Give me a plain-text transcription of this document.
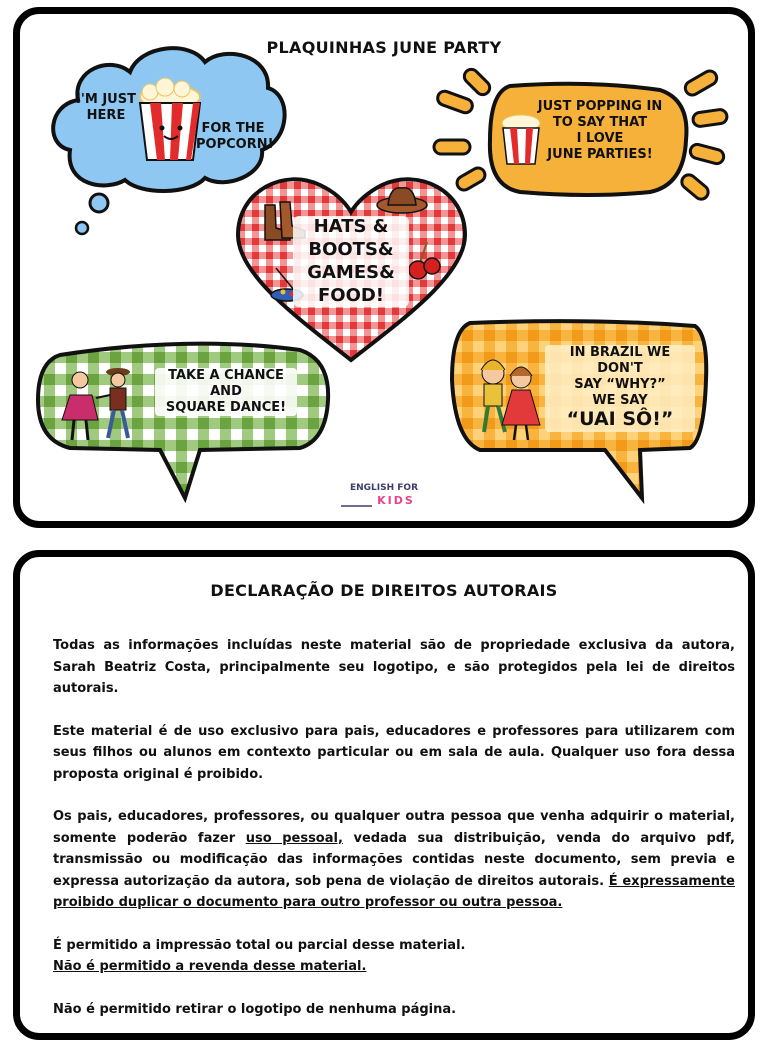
PLAQUINHAS JUNE PARTY
I'M JUST
HERE
FOR THE
POPCORN!
JUST POPPING IN
TO SAY THAT
I LOVE
JUNE PARTIES!
HATS &
BOOTS&
GAMES&
FOOD!
TAKE A CHANCE
AND
SQUARE DANCE!
IN BRAZIL WE DON'T
SAY “WHY?”
WE SAY
“UAI SÔ!”
ENGLISH FOR
KIDS
DECLARAÇÃO DE DIREITOS AUTORAIS

Todas as informações incluídas neste material são de propriedade exclusiva da autora, Sarah Beatriz Costa, principalmente seu logotipo, e são protegidos pela lei de direitos autorais.

Este material é de uso exclusivo para pais, educadores e professores para utilizarem com seus filhos ou alunos em contexto particular ou em sala de aula. Qualquer uso fora dessa proposta original é proibido.

Os pais, educadores, professores, ou qualquer outra pessoa que venha adquirir o material, somente poderão fazer uso pessoal, vedada sua distribuição, venda do arquivo pdf, transmissão ou modificação das informações contidas neste documento, sem previa e expressa autorização da autora, sob pena de violação de direitos autorais. É expressamente proibido duplicar o documento para outro professor ou outra pessoa.

É permitido a impressão total ou parcial desse material.
Não é permitido a revenda desse material.

Não é permitido retirar o logotipo de nenhuma página.
